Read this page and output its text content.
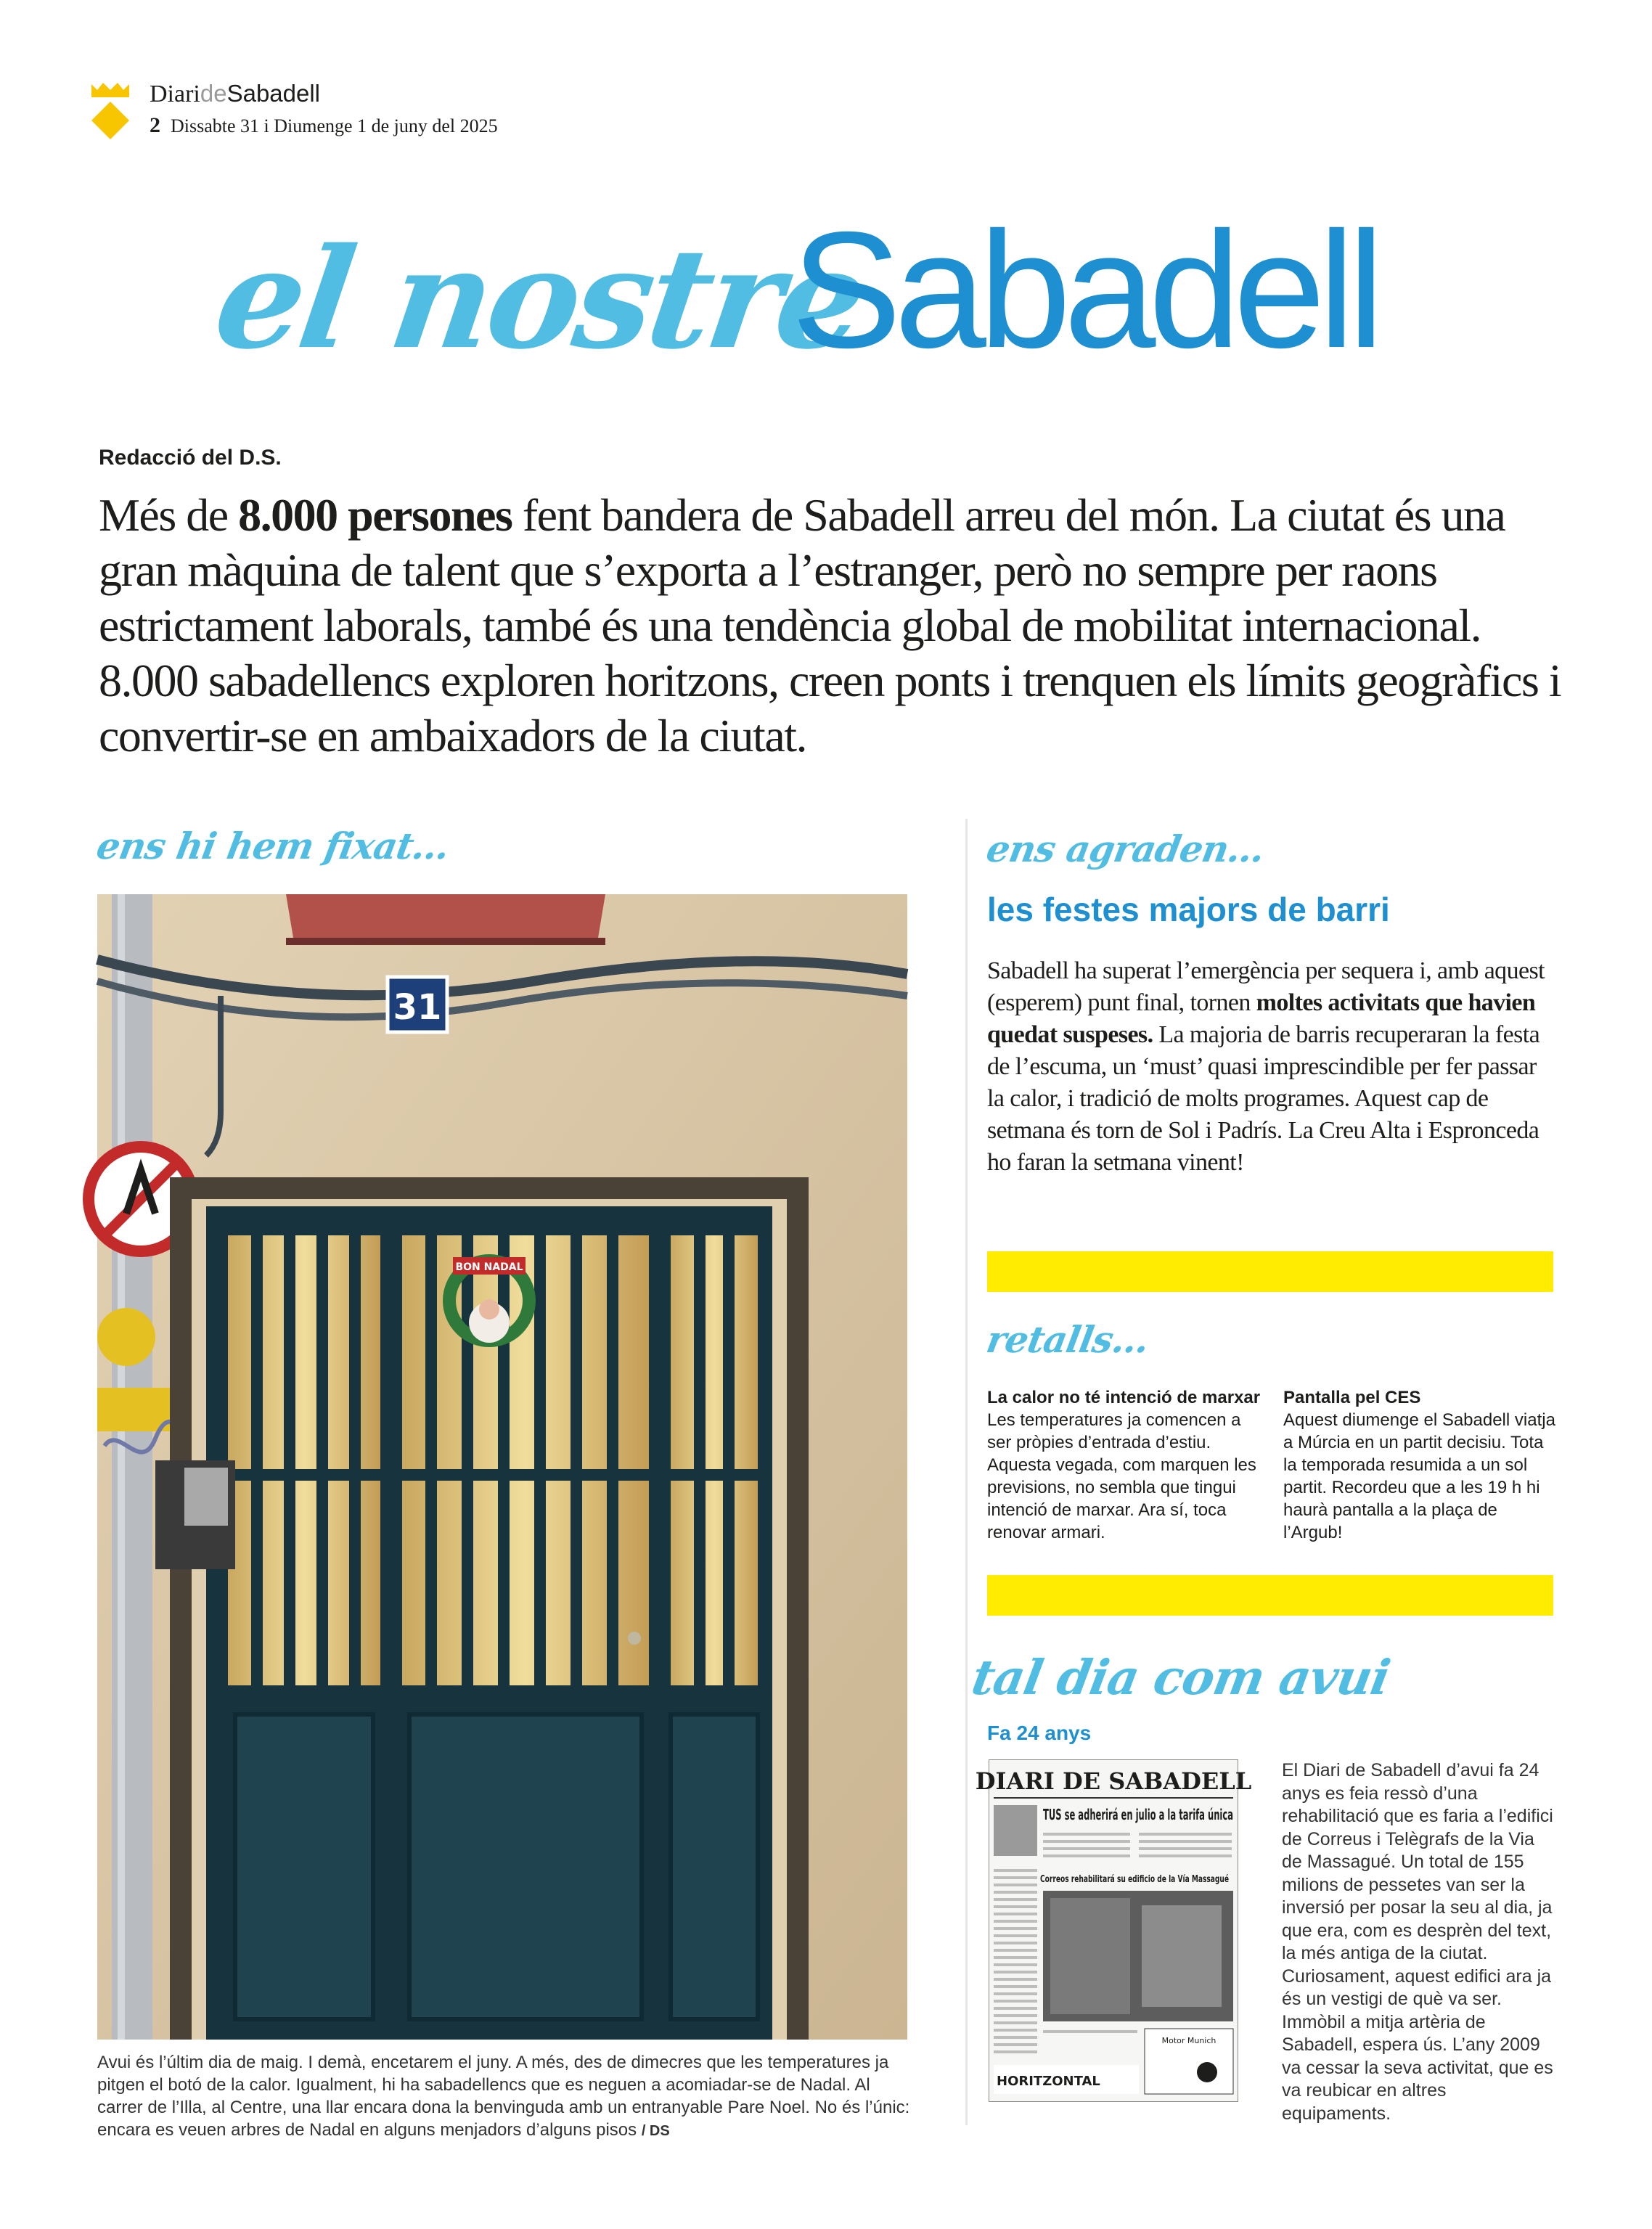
DiarideSabadell
2 Dissabte 31 i Diumenge 1 de juny del 2025
el nostre
Sabadell
Redacció del D.S.
Més de 8.000 persones fent bandera de Sabadell arreu del món. La ciutat és una gran màquina de talent que s’exporta a l’estranger, però no sempre per raons estrictament laborals, també és una tendència global de mobilitat internacional. 8.000 sabadellencs exploren horitzons, creen ponts i trenquen els límits geogràfics i convertir-se en ambaixadors de la ciutat.
ens hi hem fixat...
31
BON NADAL
Avui és l’últim dia de maig. I demà, encetarem el juny. A més, des de dimecres que les temperatures ja pitgen el botó de la calor. Igualment, hi ha sabadellencs que es neguen a acomiadar-se de Nadal. Al carrer de l’Illa, al Centre, una llar encara dona la benvinguda amb un entranyable Pare Noel. No és l’únic: encara es veuen arbres de Nadal en alguns menjadors d’alguns pisos / DS
ens agraden...
les festes majors de barri
Sabadell ha superat l’emergència per sequera i, amb aquest (esperem) punt final, tornen moltes activitats que havien quedat suspeses. La majoria de barris recuperaran la festa de l’escuma, un ‘must’ quasi imprescindible per fer passar la calor, i tradició de molts programes. Aquest cap de setmana és torn de Sol i Padrís. La Creu Alta i Espronceda ho faran la setmana vinent!
retalls...
La calor no té intenció de marxar
Les temperatures ja comencen a ser pròpies d’entrada d’estiu. Aquesta vegada, com marquen les previsions, no sembla que tingui intenció de marxar. Ara sí, toca renovar armari.
Pantalla pel CES
Aquest diumenge el Sabadell viatja a Múrcia en un partit decisiu. Tota la temporada resumida a un sol partit. Recordeu que a les 19 h hi haurà pantalla a la plaça de l’Argub!
tal dia com avui
Fa 24 anys
DIARI DE SABADELL
TUS se adherirá en julio a la tarifa única
Correos rehabilitará su edificio de la Vía Massagué
Motor Munich
HORITZONTAL
El Diari de Sabadell d’avui fa 24 anys es feia ressò d’una rehabilitació que es faria a l’edifici de Correus i Telègrafs de la Via de Massagué. Un total de 155 milions de pessetes van ser la inversió per posar la seu al dia, ja que era, com es desprèn del text, la més antiga de la ciutat. Curiosament, aquest edifici ara ja és un vestigi de què va ser. Immòbil a mitja artèria de Sabadell, espera ús. L’any 2009 va cessar la seva activitat, que es va reubicar en altres equipaments.
